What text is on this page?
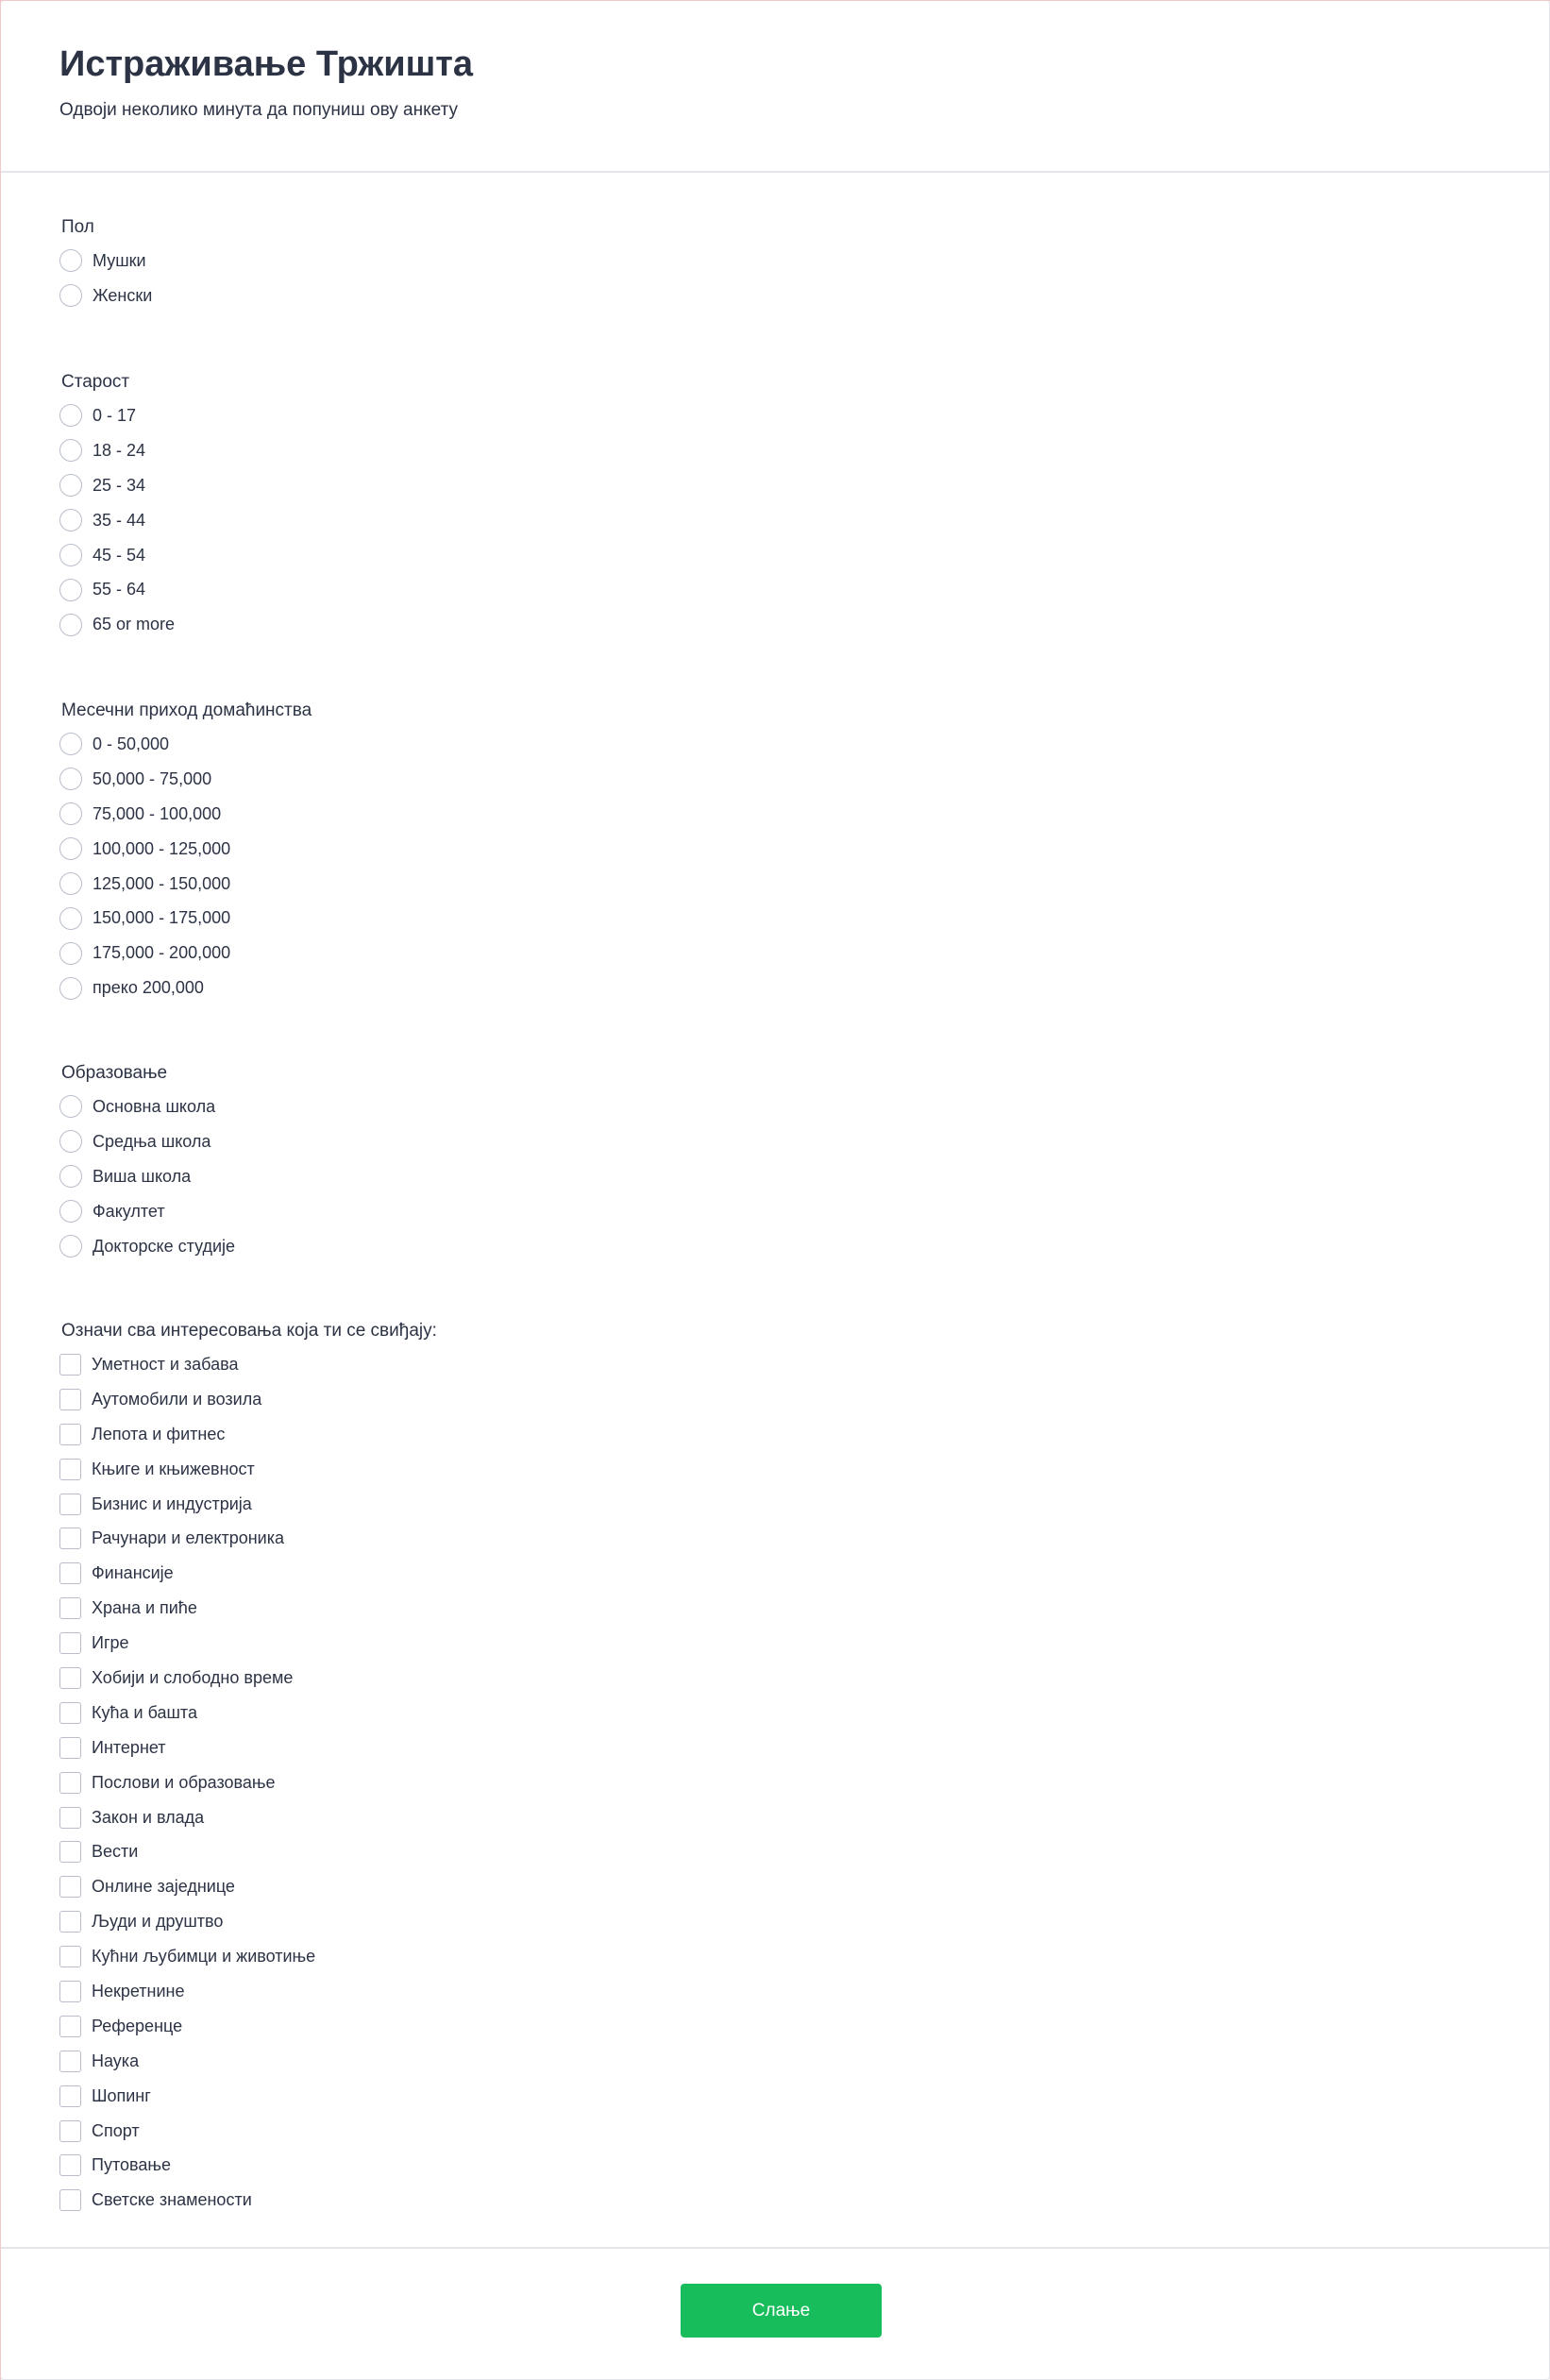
Истраживање Тржишта

Одвоји неколико минута да попуниш ову анкету

Пол
Мушки
Женски
Старост
0 - 17
18 - 24
25 - 34
35 - 44
45 - 54
55 - 64
65 or more
Месечни приход домаћинства
0 - 50,000
50,000 - 75,000
75,000 - 100,000
100,000 - 125,000
125,000 - 150,000
150,000 - 175,000
175,000 - 200,000
преко 200,000
Образовање
Основна школа
Средња школа
Виша школа
Факултет
Докторске студије
Означи сва интересовања која ти се свиђају:
Уметност и забава
Аутомобили и возила
Лепота и фитнес
Књиге и књижевност
Бизнис и индустрија
Рачунари и електроника
Финансије
Храна и пиће
Игре
Хобији и слободно време
Кућа и башта
Интернет
Послови и образовање
Закон и влада
Вести
Онлине заједнице
Људи и друштво
Кућни љубимци и животиње
Некретнине
Референце
Наука
Шопинг
Спорт
Путовање
Светске знамености
Слање
